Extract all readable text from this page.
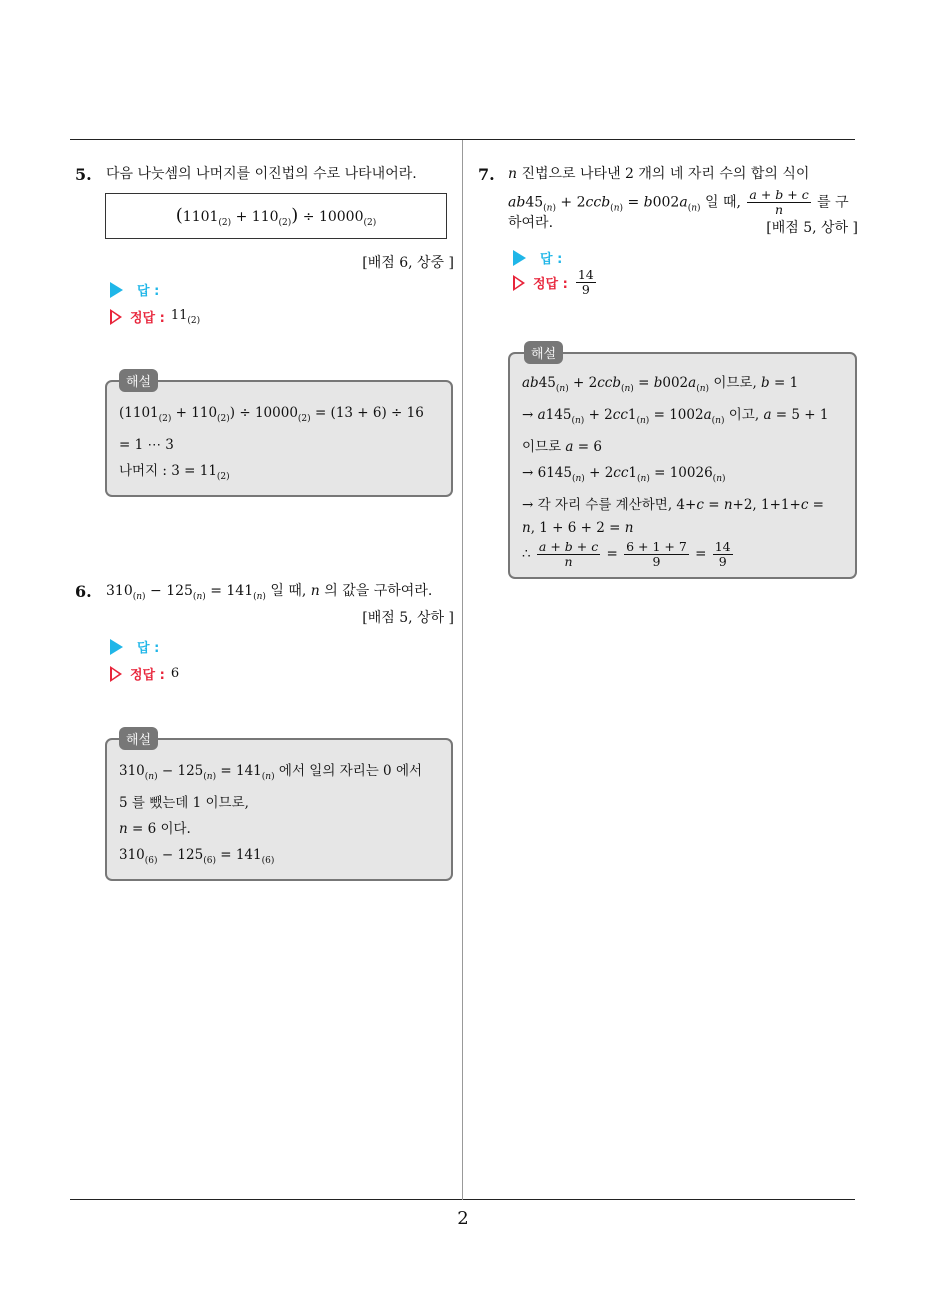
2
5. 다음 나눗셈의 나머지를 이진법의 수로 나타내어라.
$(1101_{(2)} + 110_{(2)}) \div 10000_{(2)}$
[배점 6, 상중 ]
답 :
정답 : $11_{(2)}$
$(1101_{(2)} + 110_{(2)}) \div 10000_{(2)} = (13 + 6) \div 16$
= 1 ⋯ 3
나머지 : $3 = 11_{(2)}$
해설
6. $310_{(n)} - 125_{(n)} = 141_{(n)}$ 일 때, n 의 값을 구하여라.
[배점 5, 상하 ]
답 :
정답 : 6
$310_{(n)} - 125_{(n)} = 141_{(n)}$ 에서 일의 자리는 0 에서
5 를 뺐는데 1 이므로,
n = 6 이다.
$310_{(6)} - 125_{(6)} = 141_{(6)}$
해설
7. n 진법으로 나타낸 2 개의 네 자리 수의 합의 식이
$ab45_{(n)} + 2ccb_{(n)} = b002a_{(n)}$ 일 때, $\frac{a + b + c}{n}$ 를 구
하여라.	[배점 5, 상하 ]
답 :
정답 : $\frac{14}{9}$
$ab45_{(n)} + 2ccb_{(n)} = b002a_{(n)}$ 이므로, b = 1
→ $a145_{(n)} + 2cc1_{(n)} = 1002a_{(n)}$ 이고, a = 5 + 1
이므로 a = 6
→ $6145_{(n)} + 2cc1_{(n)} = 10026_{(n)}$
→ 각 자리 수를 계산하면, 4+c = n+2, 1+1+c =
n, 1 + 6 + 2 = n
∴ $\frac{a + b + c}{n} = \frac{6 + 1 + 7}{9} = \frac{14}{9}$
해설
